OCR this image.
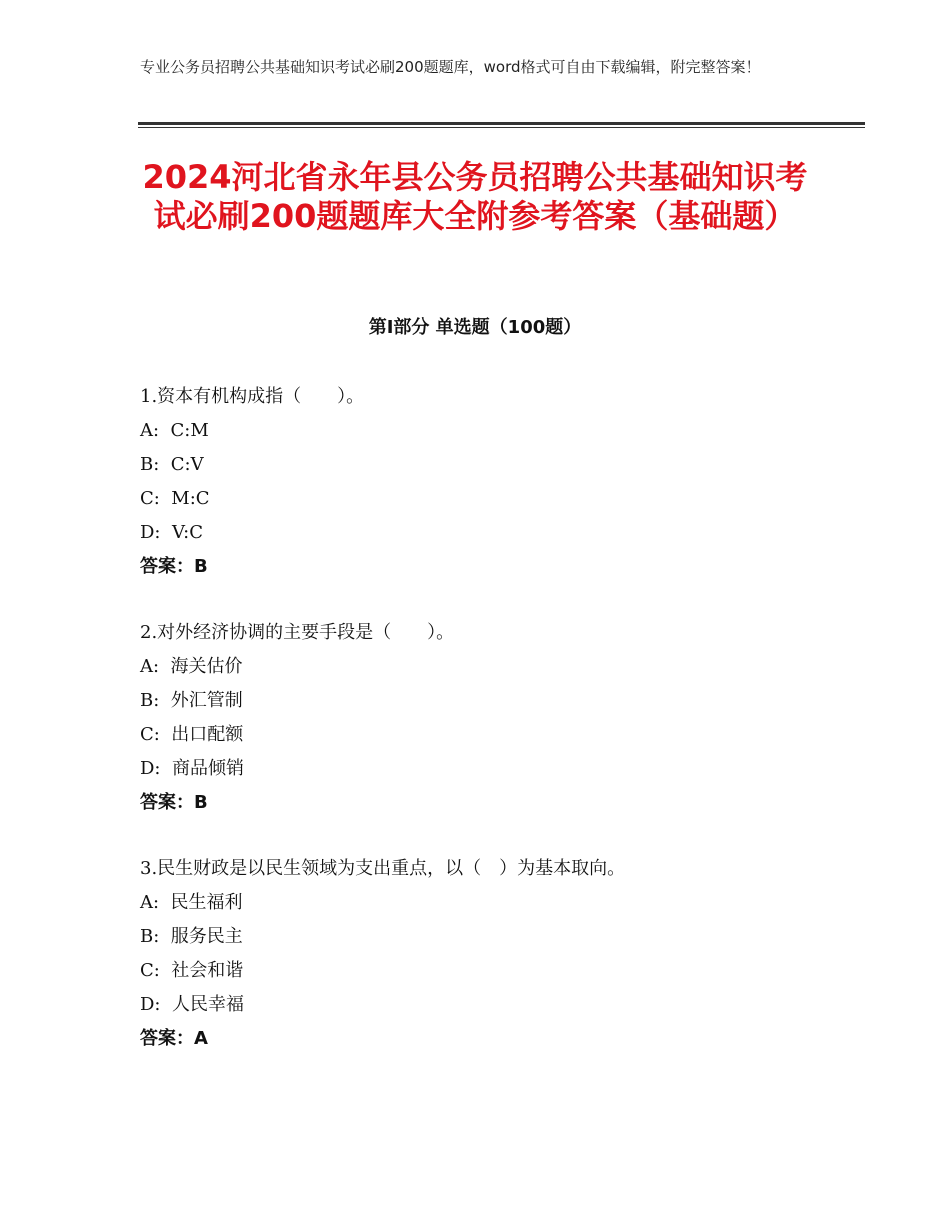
专业公务员招聘公共基础知识考试必刷200题题库，word格式可自由下载编辑，附完整答案！
2024河北省永年县公务员招聘公共基础知识考试必刷200题题库大全附参考答案（基础题）
第I部分 单选题（100题）
1.资本有机构成指（　　）。
A:  C:M
B:  C:V
C:  M:C
D:  V:C
答案：B
2.对外经济协调的主要手段是（　　）。
A:  海关估价
B:  外汇管制
C:  出口配额
D:  商品倾销
答案：B
3.民生财政是以民生领域为支出重点，以（　）为基本取向。
A:  民生福利
B:  服务民主
C:  社会和谐
D:  人民幸福
答案：A
